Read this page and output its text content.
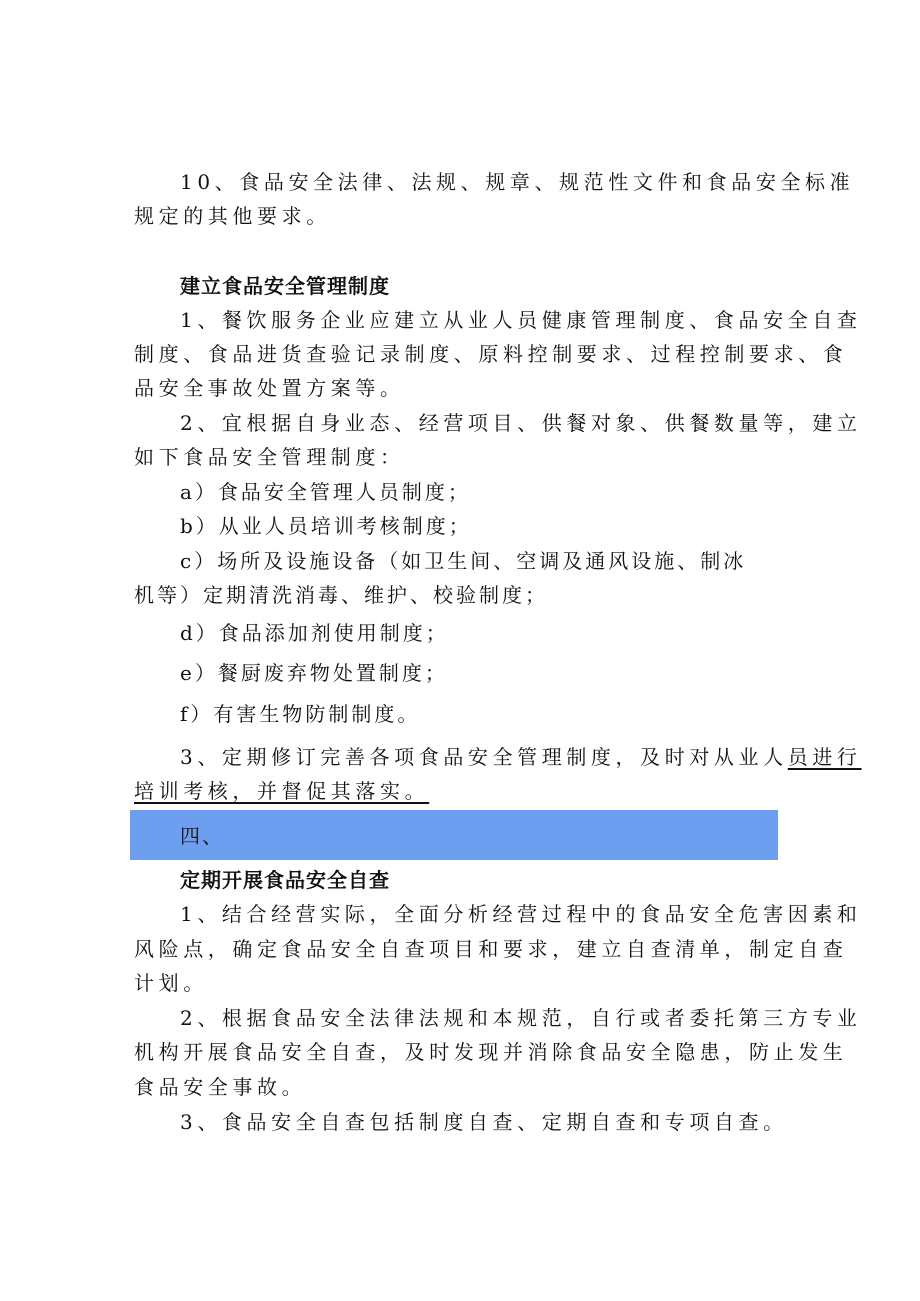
10、食品安全法律、法规、规章、规范性文件和食品安全标准
规定的其他要求。
建立食品安全管理制度
1、餐饮服务企业应建立从业人员健康管理制度、食品安全自查
制度、食品进货查验记录制度、原料控制要求、过程控制要求、食
品安全事故处置方案等。
2、宜根据自身业态、经营项目、供餐对象、供餐数量等，建立
如下食品安全管理制度：
a）食品安全管理人员制度；
b）从业人员培训考核制度；
c）场所及设施设备（如卫生间、空调及通风设施、制冰
机等）定期清洗消毒、维护、校验制度；
d）食品添加剂使用制度；
e）餐厨废弃物处置制度；
f）有害生物防制制度。
3、定期修订完善各项食品安全管理制度，及时对从业人员进行
培训考核，并督促其落实。
四、
定期开展食品安全自查
1、结合经营实际，全面分析经营过程中的食品安全危害因素和
风险点，确定食品安全自查项目和要求，建立自查清单，制定自查
计划。
2、根据食品安全法律法规和本规范，自行或者委托第三方专业
机构开展食品安全自查，及时发现并消除食品安全隐患，防止发生
食品安全事故。
3、食品安全自查包括制度自查、定期自查和专项自查。
